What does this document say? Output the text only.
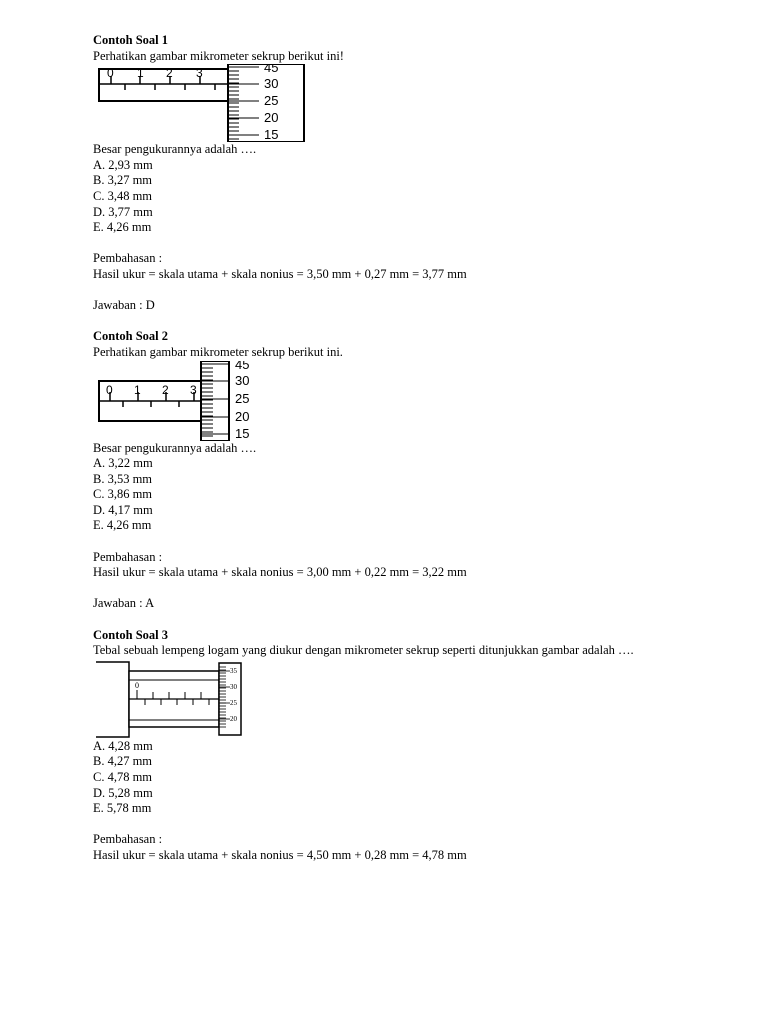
Contoh Soal 1
Perhatikan gambar mikrometer sekrup berikut ini!
0 1 2 3	45
30
25
20
15
Besar pengukurannya adalah ….
A. 2,93 mm
B. 3,27 mm
C. 3,48 mm
D. 3,77 mm
E. 4,26 mm
Pembahasan :
Hasil ukur = skala utama + skala nonius = 3,50 mm + 0,27 mm = 3,77 mm
Jawaban : D
Contoh Soal 2
Perhatikan gambar mikrometer sekrup berikut ini.
0 1 2 3
45
30
25
20
15
Besar pengukurannya adalah ….
A. 3,22 mm
B. 3,53 mm
C. 3,86 mm
D. 4,17 mm
E. 4,26 mm
Pembahasan :
Hasil ukur = skala utama + skala nonius = 3,00 mm + 0,22 mm = 3,22 mm
Jawaban : A
Contoh Soal 3
Tebal sebuah lempeng logam yang diukur dengan mikrometer sekrup seperti ditunjukkan gambar adalah ….
0
35
30
25
20
A. 4,28 mm
B. 4,27 mm
C. 4,78 mm
D. 5,28 mm
E. 5,78 mm
Pembahasan :
Hasil ukur = skala utama + skala nonius = 4,50 mm + 0,28 mm = 4,78 mm
